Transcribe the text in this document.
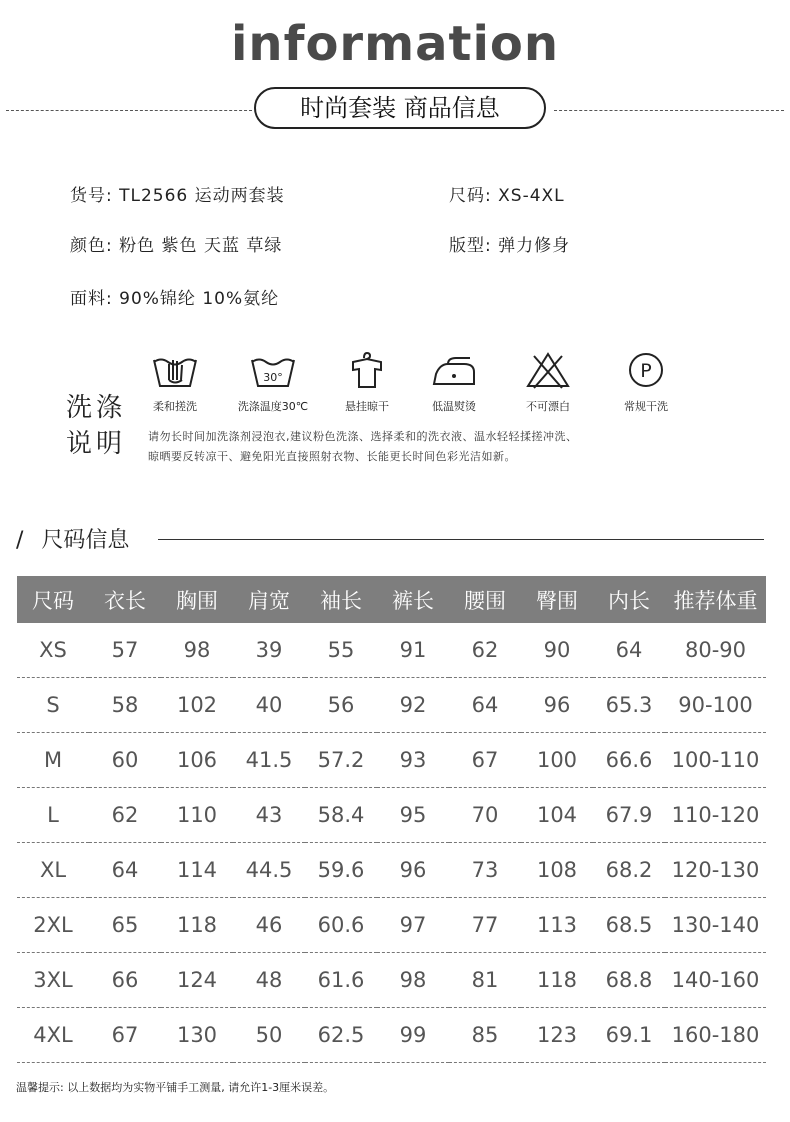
information
时尚套装 商品信息
货号: TL2566 运动两套装	尺码: XS-4XL
颜色: 粉色 紫色 天蓝 草绿	版型: 弹力修身
面料: 90%锦纶 10%氨纶
洗涤
说明
柔和搓洗
30°
洗涤温度30℃	悬挂晾干	低温熨烫	不可漂白
P
常规干洗
请勿长时间加洗涤剂浸泡衣,建议粉色洗涤、选择柔和的洗衣液、温水轻轻揉搓冲洗、
晾晒要反转凉干、避免阳光直接照射衣物、长能更长时间色彩光洁如新。
/ 尺码信息
尺码	衣长	胸围	肩宽	袖长	裤长	腰围	臀围	内长	推荐体重
XS	57	98	39	55	91	62	90	64	80-90
S	58	102	40	56	92	64	96	65.3	90-100
M	60	106	41.5	57.2	93	67	100	66.6	100-110
L	62	110	43	58.4	95	70	104	67.9	110-120
XL	64	114	44.5	59.6	96	73	108	68.2	120-130
2XL	65	118	46	60.6	97	77	113	68.5	130-140
3XL	66	124	48	61.6	98	81	118	68.8	140-160
4XL	67	130	50	62.5	99	85	123	69.1	160-180
温馨提示: 以上数据均为实物平铺手工测量, 请允许1-3厘米误差。
